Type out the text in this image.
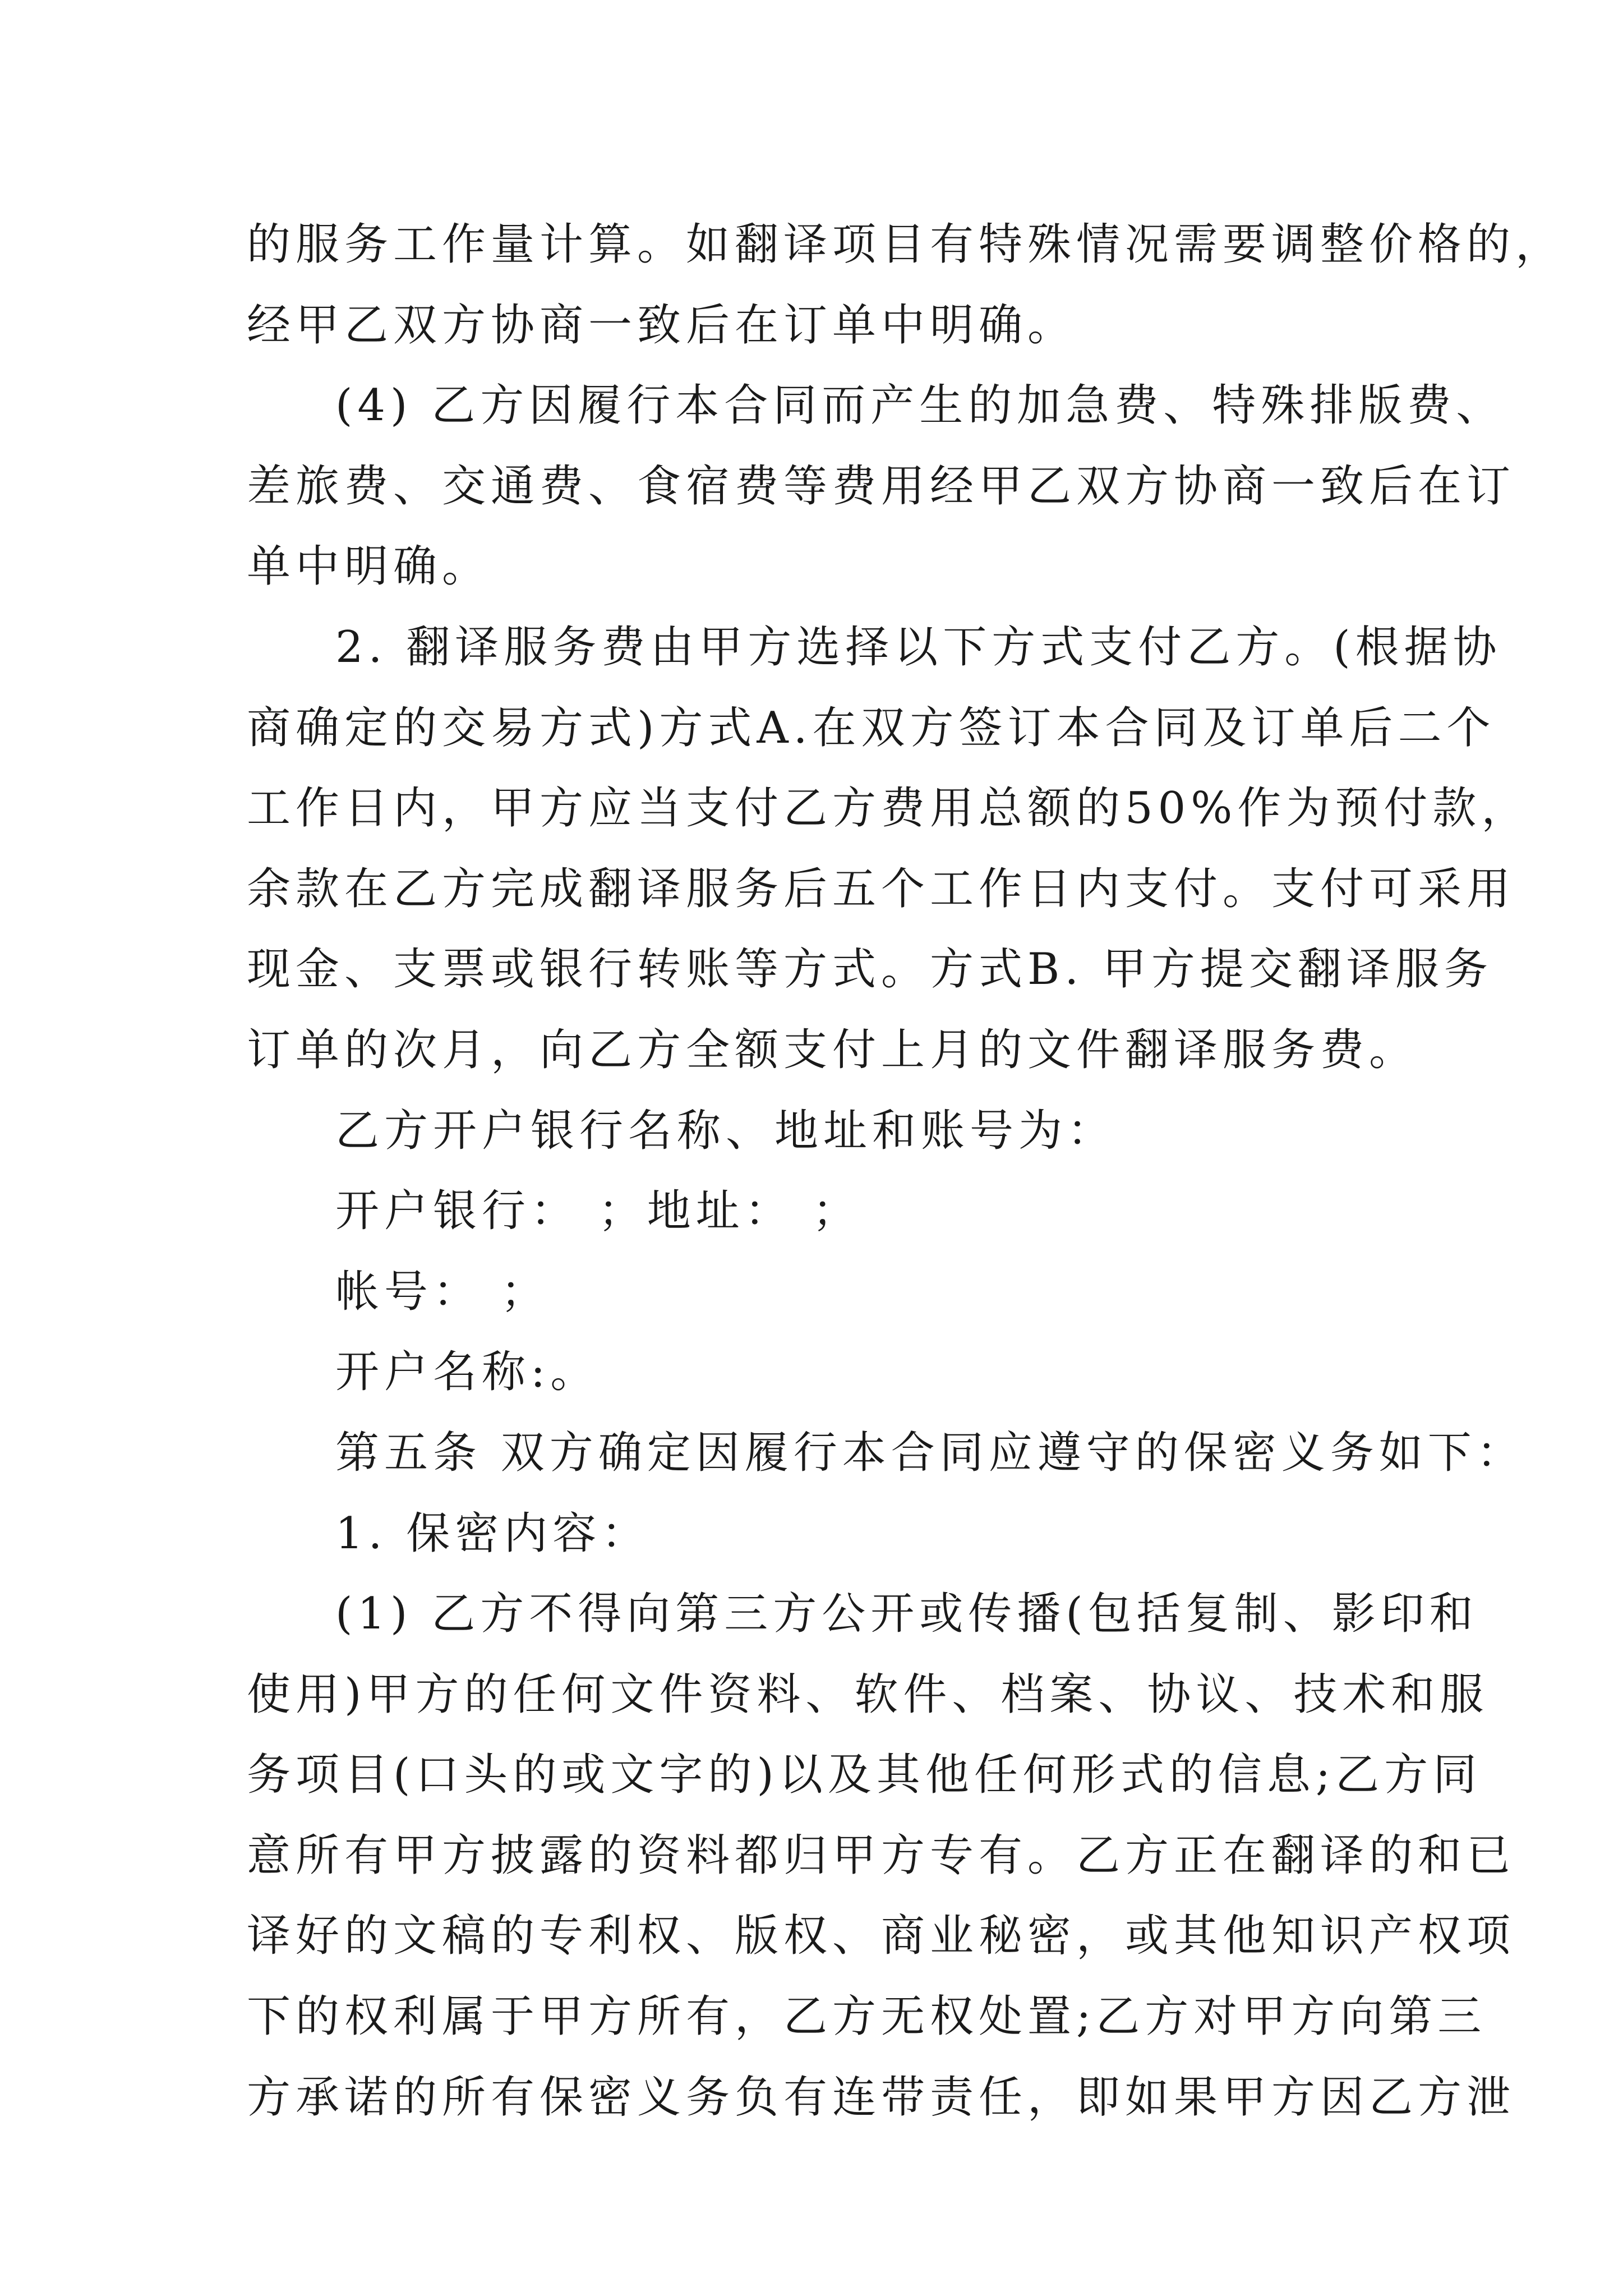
的服务工作量计算。如翻译项目有特殊情况需要调整价格的，
经甲乙双方协商一致后在订单中明确。
(4) 乙方因履行本合同而产生的加急费、特殊排版费、
差旅费、交通费、食宿费等费用经甲乙双方协商一致后在订
单中明确。
2. 翻译服务费由甲方选择以下方式支付乙方。(根据协
商确定的交易方式)方式A.在双方签订本合同及订单后二个
工作日内，甲方应当支付乙方费用总额的50%作为预付款，
余款在乙方完成翻译服务后五个工作日内支付。支付可采用
现金、支票或银行转账等方式。方式B. 甲方提交翻译服务
订单的次月，向乙方全额支付上月的文件翻译服务费。
乙方开户银行名称、地址和账号为：
开户银行： ；地址： ；
帐号： ；
开户名称:。
第五条 双方确定因履行本合同应遵守的保密义务如下：
1. 保密内容：
(1) 乙方不得向第三方公开或传播(包括复制、影印和
使用)甲方的任何文件资料、软件、档案、协议、技术和服
务项目(口头的或文字的)以及其他任何形式的信息;乙方同
意所有甲方披露的资料都归甲方专有。乙方正在翻译的和已
译好的文稿的专利权、版权、商业秘密，或其他知识产权项
下的权利属于甲方所有，乙方无权处置;乙方对甲方向第三
方承诺的所有保密义务负有连带责任，即如果甲方因乙方泄
